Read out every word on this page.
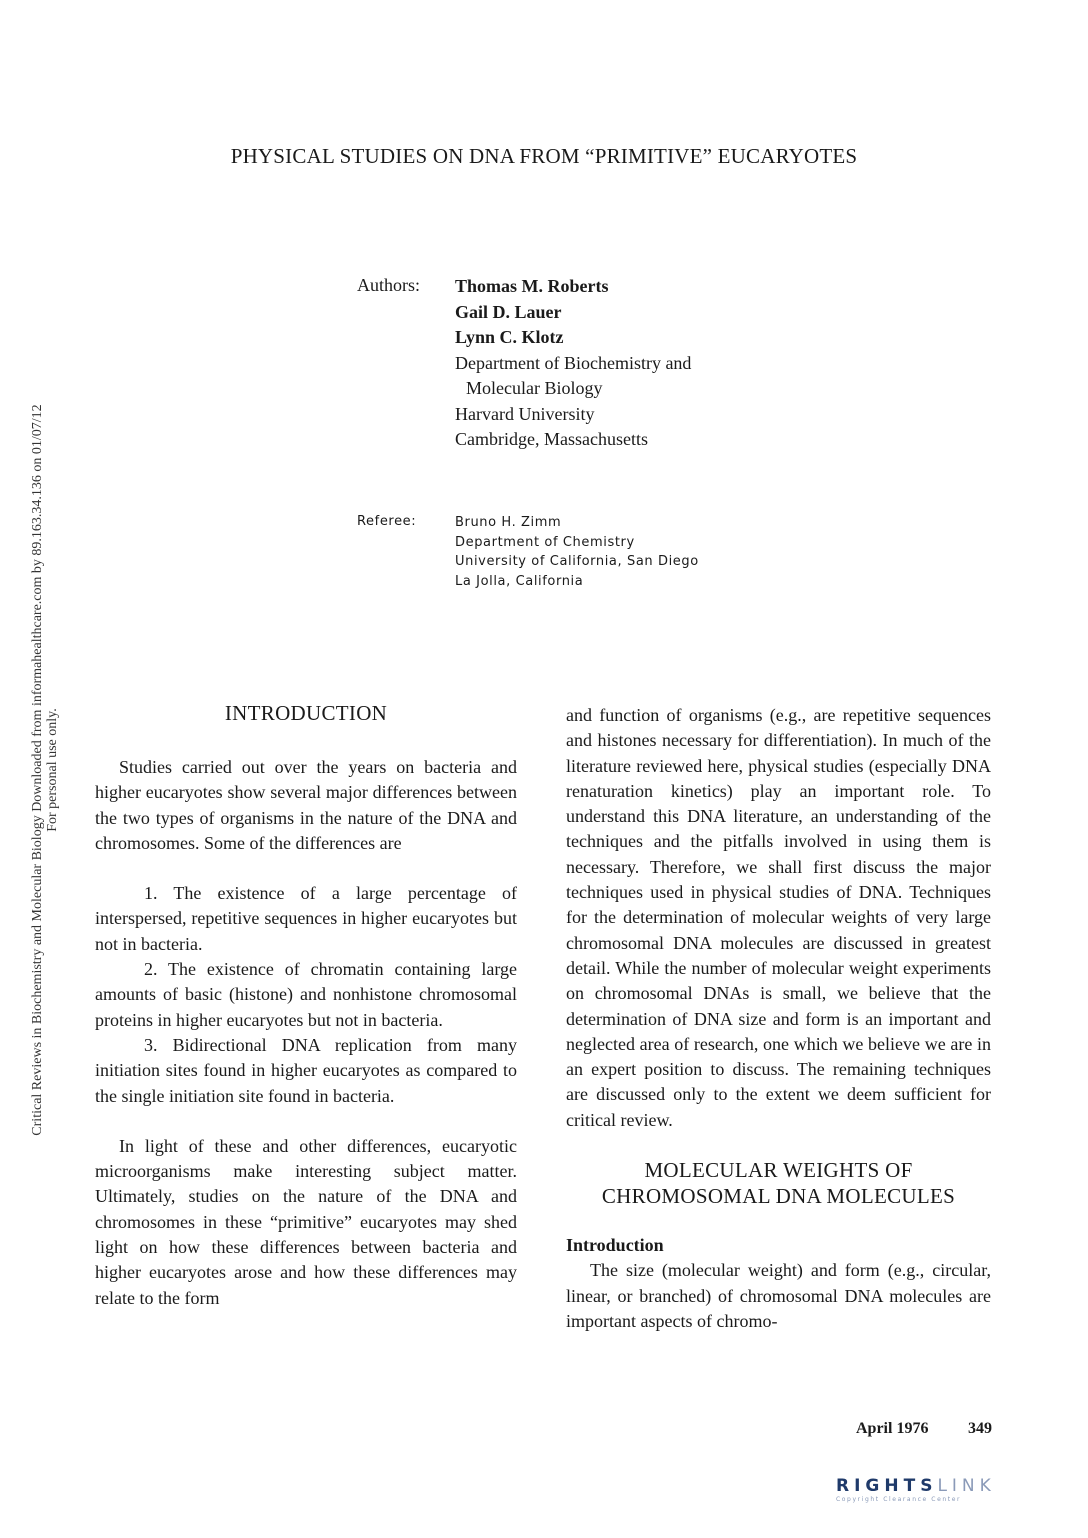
PHYSICAL STUDIES ON DNA FROM “PRIMITIVE” EUCARYOTES
Authors: Thomas M. Roberts
Gail D. Lauer
Lynn C. Klotz
Department of Biochemistry and
Molecular Biology
Harvard University
Cambridge, Massachusetts
Referee:	Bruno H. Zimm
Department of Chemistry
University of California, San Diego
La Jolla, California
Critical Reviews in Biochemistry and Molecular Biology Downloaded from informahealthcare.com by 89.163.34.136 on 01/07/12 For personal use only.	INTRODUCTION

Studies carried out over the years on bacteria and higher eucaryotes show several major differences between the two types of organisms in the nature of the DNA and chromosomes. Some of the differences are

1. The existence of a large percentage of interspersed, repetitive sequences in higher eucaryotes but not in bacteria.

2. The existence of chromatin containing large amounts of basic (histone) and nonhistone chromosomal proteins in higher eucaryotes but not in bacteria.

3. Bidirectional DNA replication from many initiation sites found in higher eucaryotes as compared to the single initiation site found in bacteria.

In light of these and other differences, eucaryotic microorganisms make interesting subject matter. Ultimately, studies on the nature of the DNA and chromosomes in these “primitive” eucaryotes may shed light on how these differences between bacteria and higher eucaryotes arose and how these differences may relate to the form

and function of organisms (e.g., are repetitive sequences and histones necessary for differentiation). In much of the literature reviewed here, physical studies (especially DNA renaturation kinetics) play an important role. To understand this DNA literature, an understanding of the techniques and the pitfalls involved in using them is necessary. Therefore, we shall first discuss the major techniques used in physical studies of DNA. Techniques for the determination of molecular weights of very large chromosomal DNA molecules are discussed in greatest detail. While the number of molecular weight experiments on chromosomal DNAs is small, we believe that the determination of DNA size and form is an important and neglected area of research, one which we believe we are in an expert position to discuss. The remaining techniques are discussed only to the extent we deem sufficient for critical review.

MOLECULAR WEIGHTS OF
CHROMOSOMAL DNA MOLECULES
Introduction

The size (molecular weight) and form (e.g., circular, linear, or branched) of chromosomal DNA molecules are important aspects of chromo-

April 1976 349
RIGHTSLINK
Copyright Clearance Center
